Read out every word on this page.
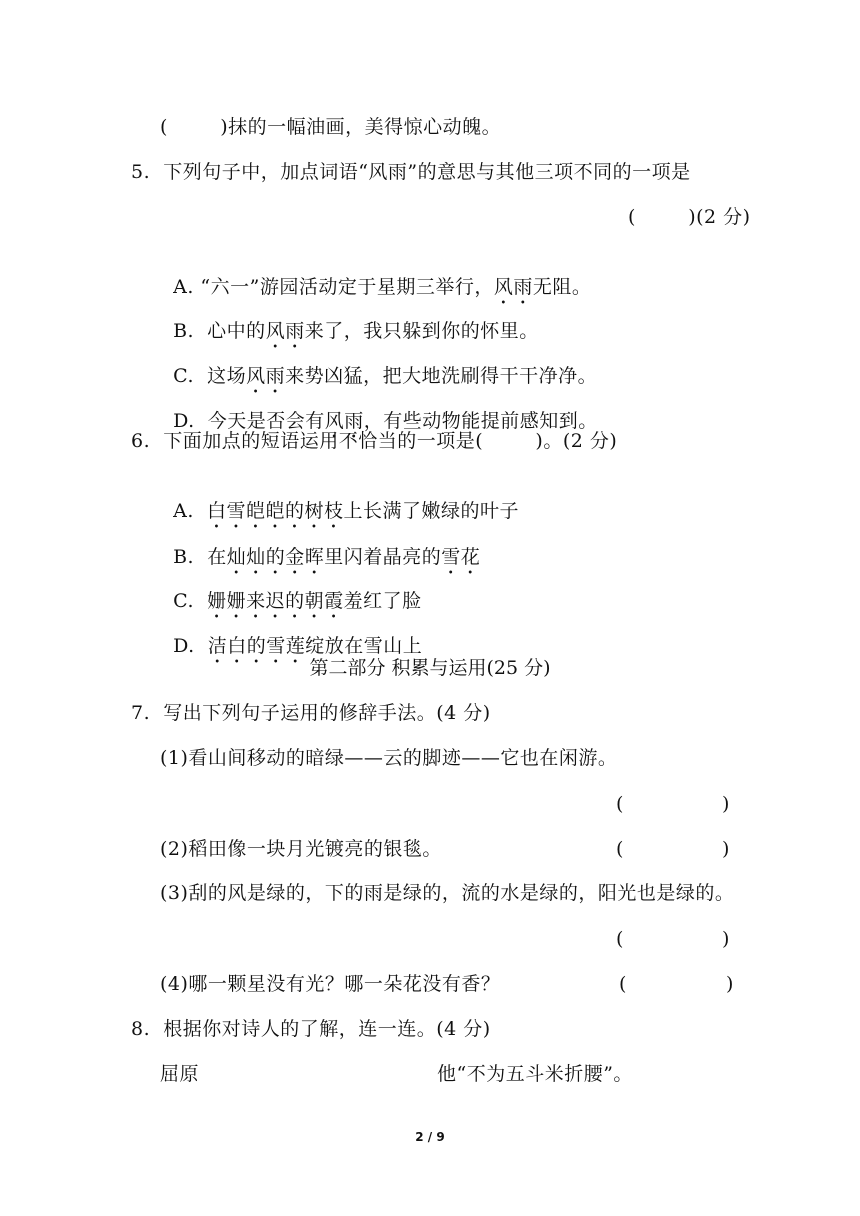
(        )抹的一幅油画，美得惊心动魄。
5.  下列句子中，加点词语“风雨”的意思与其他三项不同的一项是
(        )(2 分)

A. “六一”游园活动定于星期三举行，风雨无阻。

B.  心中的风雨来了，我只躲到你的怀里。

C.  这场风雨来势凶猛，把大地洗刷得干干净净。

D.  今天是否会有风雨，有些动物能提前感知到。

6.  下面加点的短语运用不恰当的一项是(        )。(2 分)

A.  白雪皑皑的树枝上长满了嫩绿的叶子

B.  在灿灿的金晖里闪着晶亮的雪花

C.  姗姗来迟的朝霞羞红了脸

D.  洁白的雪莲绽放在雪山上

第二部分 积累与运用(25 分)
7.  写出下列句子运用的修辞手法。(4 分)
(1)看山间移动的暗绿——云的脚迹——它也在闲游。
(	)
(2)稻田像一块月光镀亮的银毯。	(	)
(3)刮的风是绿的，下的雨是绿的，流的水是绿的，阳光也是绿的。
(	)
(4)哪一颗星没有光？哪一朵花没有香？	(	)
8.  根据你对诗人的了解，连一连。(4 分)
屈原	他“不为五斗米折腰”。
2 / 9
